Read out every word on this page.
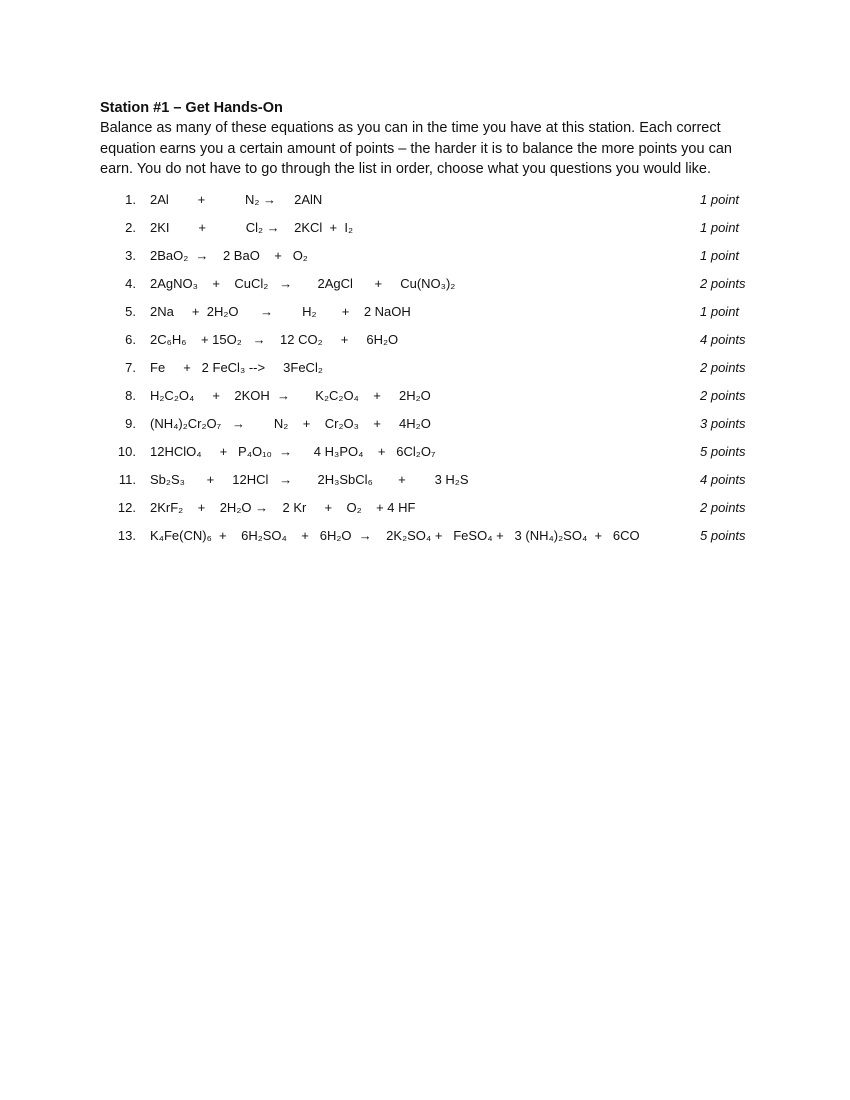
Station #1 – Get Hands-On

Balance as many of these equations as you can in the time you have at this station. Each correct equation earns you a certain amount of points – the harder it is to balance the more points you can earn. You do not have to go through the list in order, choose what you questions you would like.

1. 2Al        +           N₂ →     2AlN	1 point
2. 2KI        +           Cl₂ →    2KCl  +  I₂	1 point
3. 2BaO₂  →    2 BaO    +   O₂	1 point
4. 2AgNO₃    +    CuCl₂   →       2AgCl      +     Cu(NO₃)₂	2 points
5. 2Na     +  2H₂O      →        H₂       +    2 NaOH	1 point
6. 2C₆H₆    + 15O₂   →    12 CO₂     +     6H₂O	4 points
7. Fe     +   2 FeCl₃ -->     3FeCl₂	2 points
8. H₂C₂O₄     +    2KOH  →       K₂C₂O₄    +     2H₂O	2 points
9. (NH₄)₂Cr₂O₇   →        N₂    +    Cr₂O₃    +     4H₂O	3 points
10. 12HClO₄     +   P₄O₁₀  →      4 H₃PO₄    +   6Cl₂O₇	5 points
11. Sb₂S₃      +     12HCl   →       2H₃SbCl₆       +        3 H₂S	4 points
12. 2KrF₂    +    2H₂O →    2 Kr     +    O₂    + 4 HF	2 points
13. K₄Fe(CN)₆  +    6H₂SO₄    +   6H₂O  →    2K₂SO₄ +   FeSO₄ +   3 (NH₄)₂SO₄  +   6CO	5 points
